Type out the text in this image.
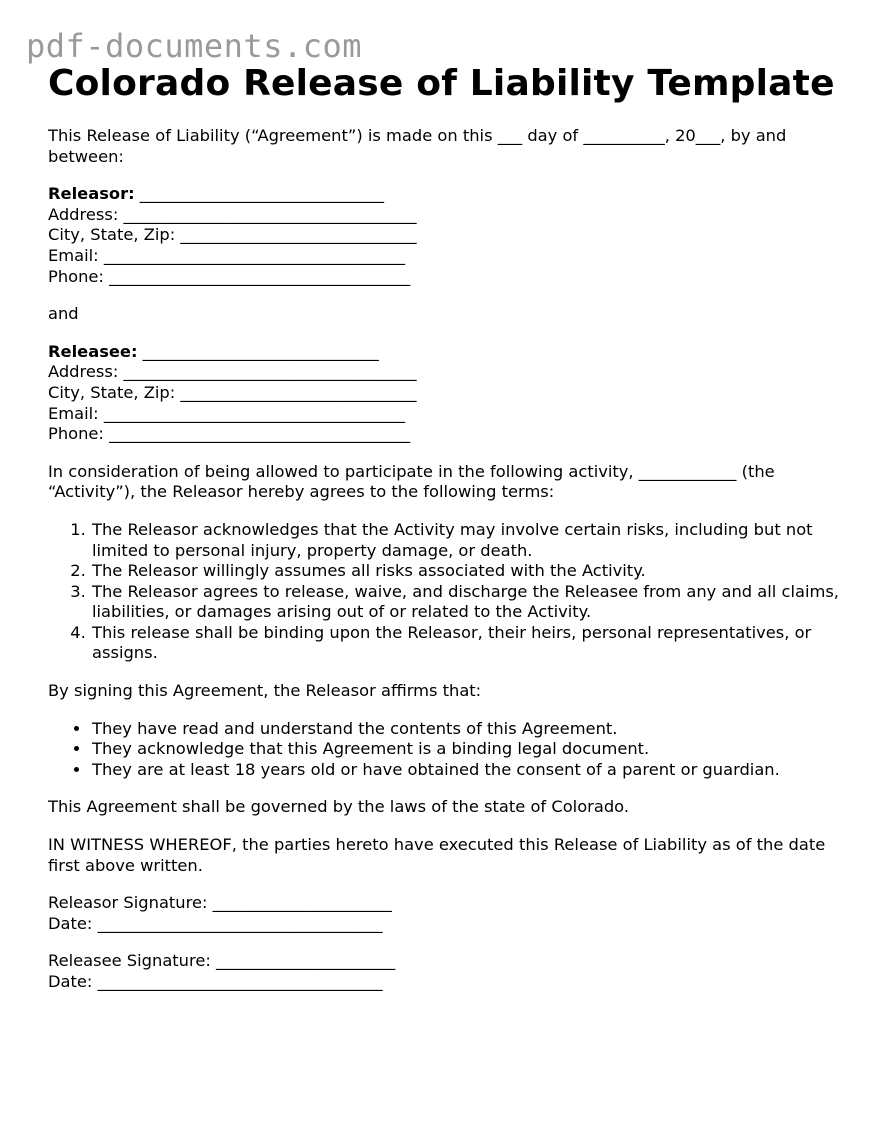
pdf-documents.com
Colorado Release of Liability Template

This Release of Liability (“Agreement”) is made on this ___ day of __________, 20___, by and between:

Releasor: ______________________________
Address: ____________________________________
City, State, Zip: _____________________________
Email: _____________________________________
Phone: _____________________________________

and

Releasee: _____________________________
Address: ____________________________________
City, State, Zip: _____________________________
Email: _____________________________________
Phone: _____________________________________

In consideration of being allowed to participate in the following activity, ____________ (the “Activity”), the Releasor hereby agrees to the following terms:

1. The Releasor acknowledges that the Activity may involve certain risks, including but not limited to personal injury, property damage, or death.
2. The Releasor willingly assumes all risks associated with the Activity.
3. The Releasor agrees to release, waive, and discharge the Releasee from any and all claims, liabilities, or damages arising out of or related to the Activity.
4. This release shall be binding upon the Releasor, their heirs, personal representatives, or assigns.

By signing this Agreement, the Releasor affirms that:

• They have read and understand the contents of this Agreement.
• They acknowledge that this Agreement is a binding legal document.
• They are at least 18 years old or have obtained the consent of a parent or guardian.

This Agreement shall be governed by the laws of the state of Colorado.

IN WITNESS WHEREOF, the parties hereto have executed this Release of Liability as of the date first above written.

Releasor Signature: ______________________
Date: ___________________________________
Releasee Signature: ______________________
Date: ___________________________________
